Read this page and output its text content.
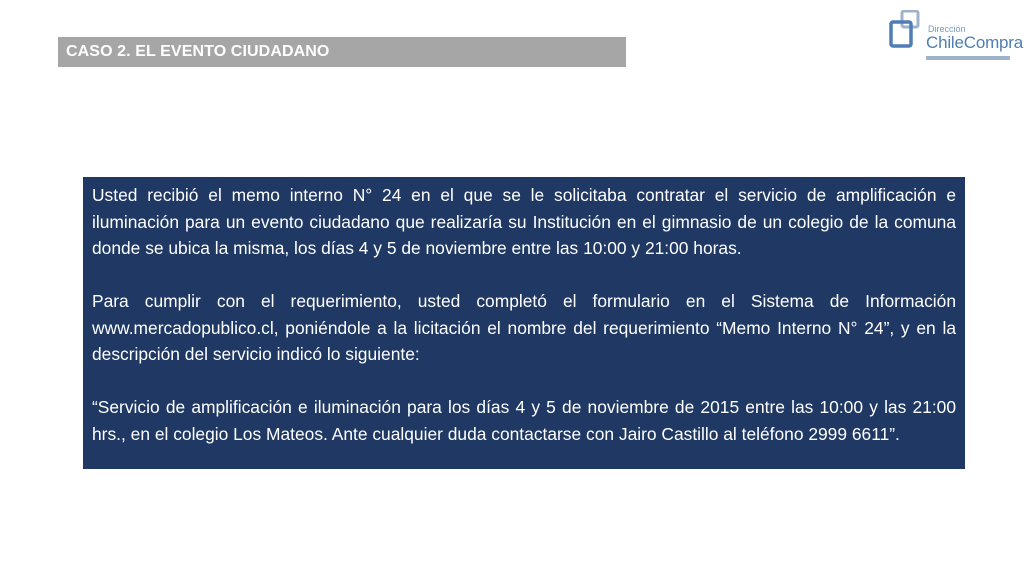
CASO 2. EL EVENTO CIUDADANO
Dirección
ChileCompra

Usted recibió el memo interno N° 24 en el que se le solicitaba contratar el servicio de amplificación e iluminación para un evento ciudadano que realizaría su Institución en el gimnasio de un colegio de la comuna donde se ubica la misma, los días 4 y 5 de noviembre entre las 10:00 y 21:00 horas.

Para cumplir con el requerimiento, usted completó el formulario en el Sistema de Información www.mercadopublico.cl, poniéndole a la licitación el nombre del requerimiento “Memo Interno N° 24”, y en la descripción del servicio indicó lo siguiente:

“Servicio de amplificación e iluminación para los días 4 y 5 de noviembre de 2015 entre las 10:00 y las 21:00 hrs., en el colegio Los Mateos. Ante cualquier duda contactarse con Jairo Castillo al teléfono 2999 6611”.
